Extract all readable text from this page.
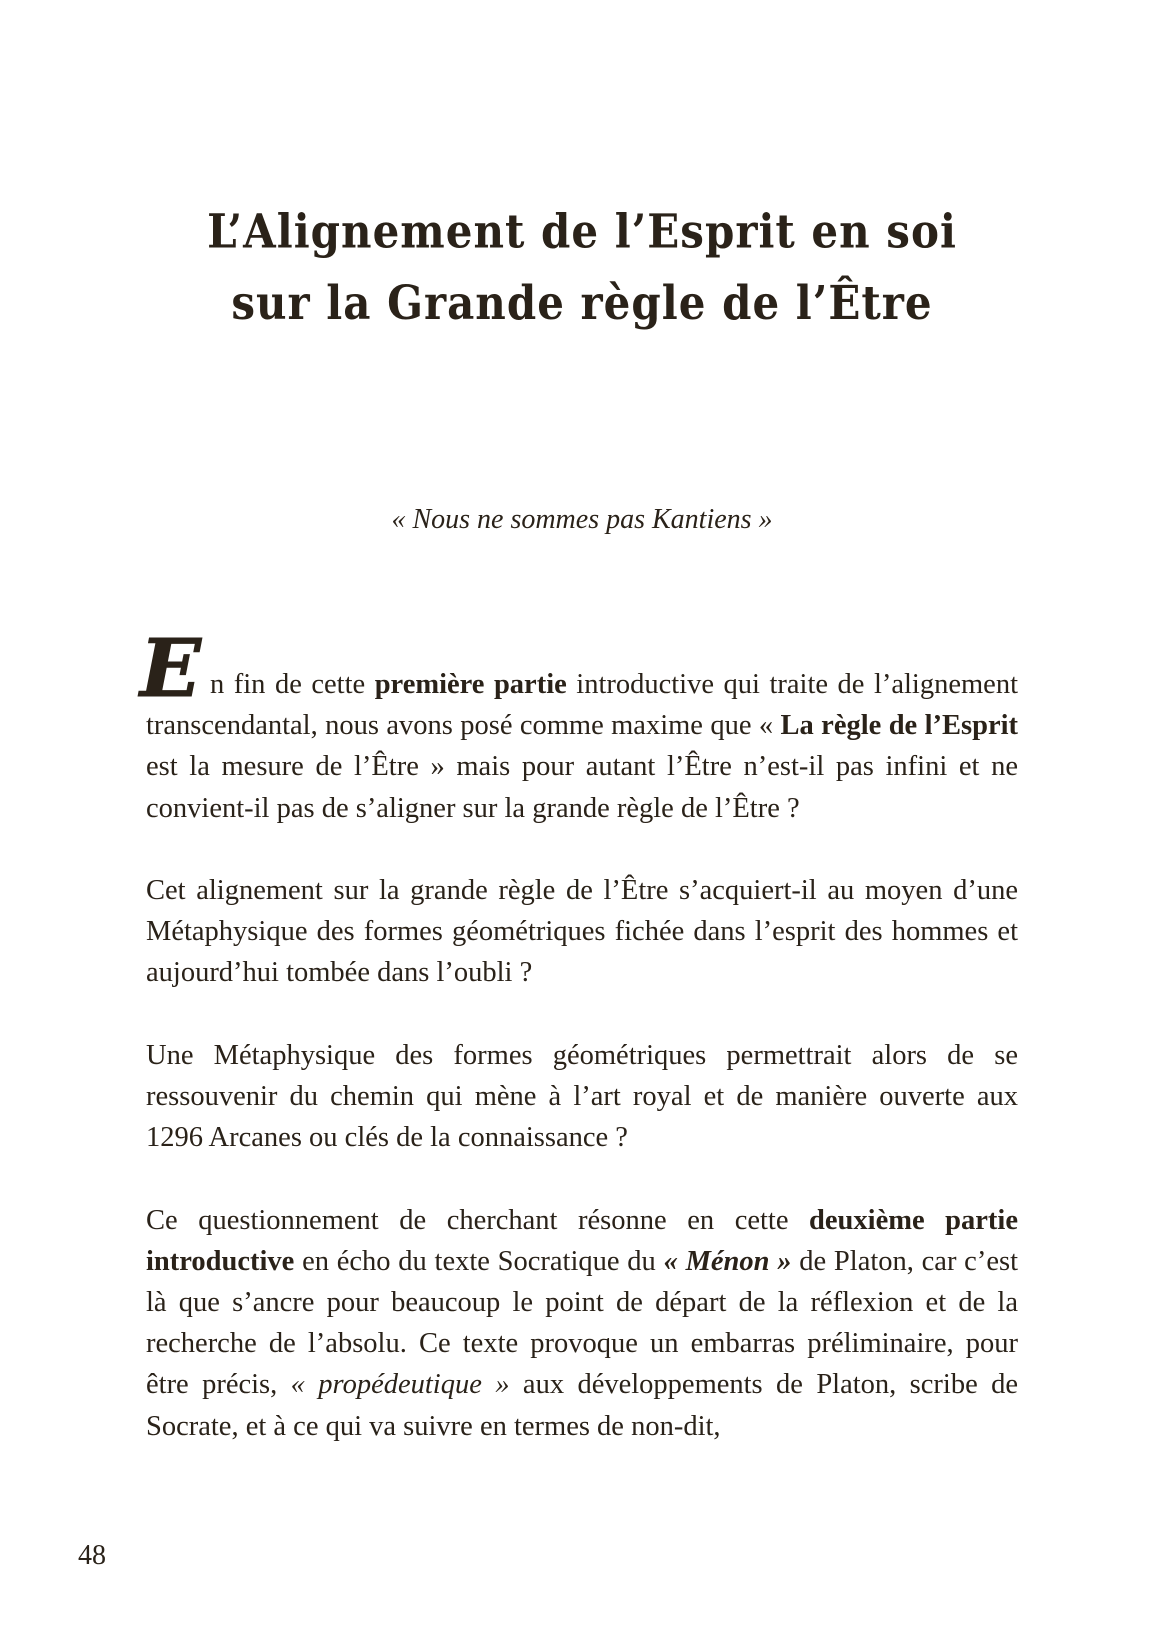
L’Alignement de l’Esprit en soi
sur la Grande règle de l’Être
« Nous ne sommes pas Kantiens »

E n fin de cette première partie introductive qui traite de l’alignement transcendantal, nous avons posé comme maxime que « La règle de l’Esprit est la mesure de l’Être » mais pour autant l’Être n’est-il pas infini et ne convient-il pas de s’aligner sur la grande règle de l’Être ?

Cet alignement sur la grande règle de l’Être s’acquiert-il au moyen d’une Métaphysique des formes géométriques fichée dans l’esprit des hommes et aujourd’hui tombée dans l’oubli ?

Une Métaphysique des formes géométriques permettrait alors de se ressouvenir du chemin qui mène à l’art royal et de manière ouverte aux 1296 Arcanes ou clés de la connaissance ?

Ce questionnement de cherchant résonne en cette deuxième partie introductive en écho du texte Socratique du « Ménon » de Platon, car c’est là que s’ancre pour beaucoup le point de départ de la réflexion et de la recherche de l’absolu. Ce texte provoque un embarras préliminaire, pour être précis, « propédeutique » aux développements de Platon, scribe de Socrate, et à ce qui va suivre en termes de non-dit,

48
